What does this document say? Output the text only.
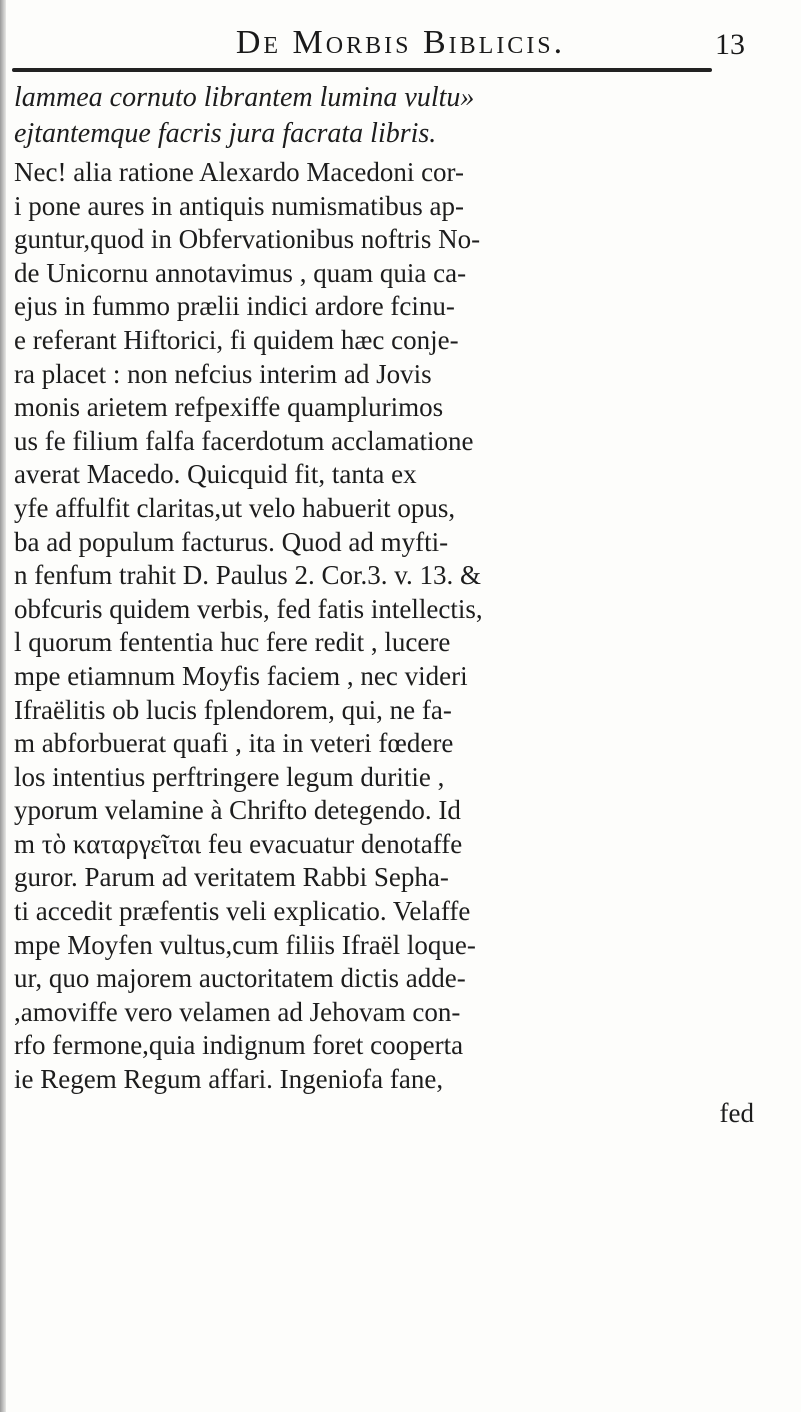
De Morbis Biblicis.	13
lammea cornuto librantem lumina vultu»
ejtantemque facris jura facrata libris.
Nec! alia ratione Alexardo Macedoni cor-
i pone aures in antiquis numismatibus ap-
guntur,quod in Obfervationibus noftris No-
de Unicornu annotavimus , quam quia ca-
ejus in fummo prælii indici ardore fcinu-
e referant Hiftorici, fi quidem hæc conje-
ra placet : non nefcius interim ad Jovis
monis arietem refpexiffe quamplurimos
us fe filium falfa facerdotum acclamatione
averat Macedo. Quicquid fit, tanta ex
yfe affulfit claritas,ut velo habuerit opus,
ba ad populum facturus. Quod ad myfti-
n fenfum trahit D. Paulus 2. Cor.3. v. 13. &
obfcuris quidem verbis, fed fatis intellectis,
l quorum fententia huc fere redit , lucere
mpe etiamnum Moyfis faciem , nec videri
Ifraëlitis ob lucis fplendorem, qui, ne fa-
m abforbuerat quafi , ita in veteri fœdere
los intentius perftringere legum duritie ,
yporum velamine à Chrifto detegendo. Id
m τὸ καταργεῖται feu evacuatur denotaffe
guror. Parum ad veritatem Rabbi Sepha-
ti accedit præfentis veli explicatio. Velaffe
mpe Moyfen vultus,cum filiis Ifraël loque-
ur, quo majorem auctoritatem dictis adde-
,amoviffe vero velamen ad Jehovam con-
rfo fermone,quia indignum foret cooperta
ie Regem Regum affari. Ingeniofa fane,
fed
